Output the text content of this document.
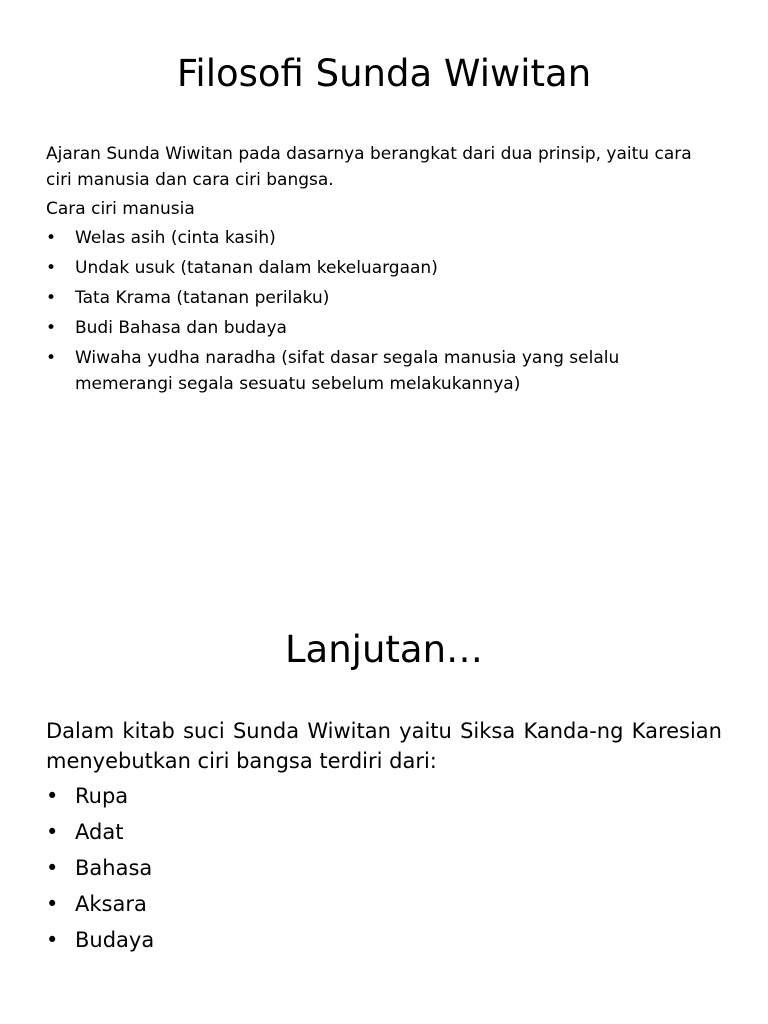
Filosofi Sunda Wiwitan

Ajaran Sunda Wiwitan pada dasarnya berangkat dari dua prinsip, yaitu cara ciri manusia dan cara ciri bangsa.

Cara ciri manusia

• Welas asih (cinta kasih)
• Undak usuk (tatanan dalam kekeluargaan)
• Tata Krama (tatanan perilaku)
• Budi Bahasa dan budaya
• Wiwaha yudha naradha (sifat dasar segala manusia yang selalu memerangi segala sesuatu sebelum melakukannya)
Lanjutan…

Dalam kitab suci Sunda Wiwitan yaitu Siksa Kanda-ng Karesian menyebutkan ciri bangsa terdiri dari:

• Rupa
• Adat
• Bahasa
• Aksara
• Budaya
